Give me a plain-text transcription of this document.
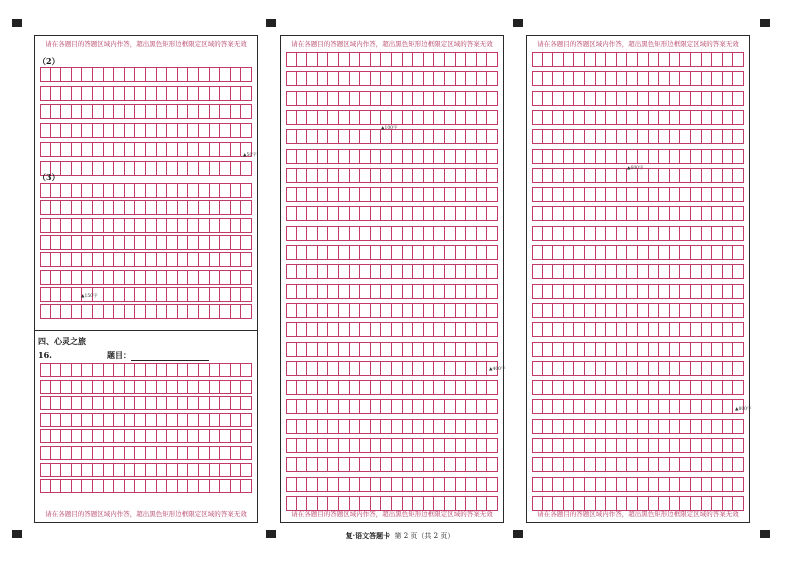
请在各题目的答题区域内作答，超出黑色矩形边框限定区域的答案无效
（2）
▲50字
（3）
▲150字
四、心灵之旅
16.	题目：
请在各题目的答题区域内作答，超出黑色矩形边框限定区域的答案无效
请在各题目的答题区域内作答，超出黑色矩形边框限定区域的答案无效
▲100字
▲400字
请在各题目的答题区域内作答，超出黑色矩形边框限定区域的答案无效
请在各题目的答题区域内作答，超出黑色矩形边框限定区域的答案无效
▲600字
▲800字
请在各题目的答题区域内作答，超出黑色矩形边框限定区域的答案无效
复·语文答题卡 第 2 页（共 2 页）
